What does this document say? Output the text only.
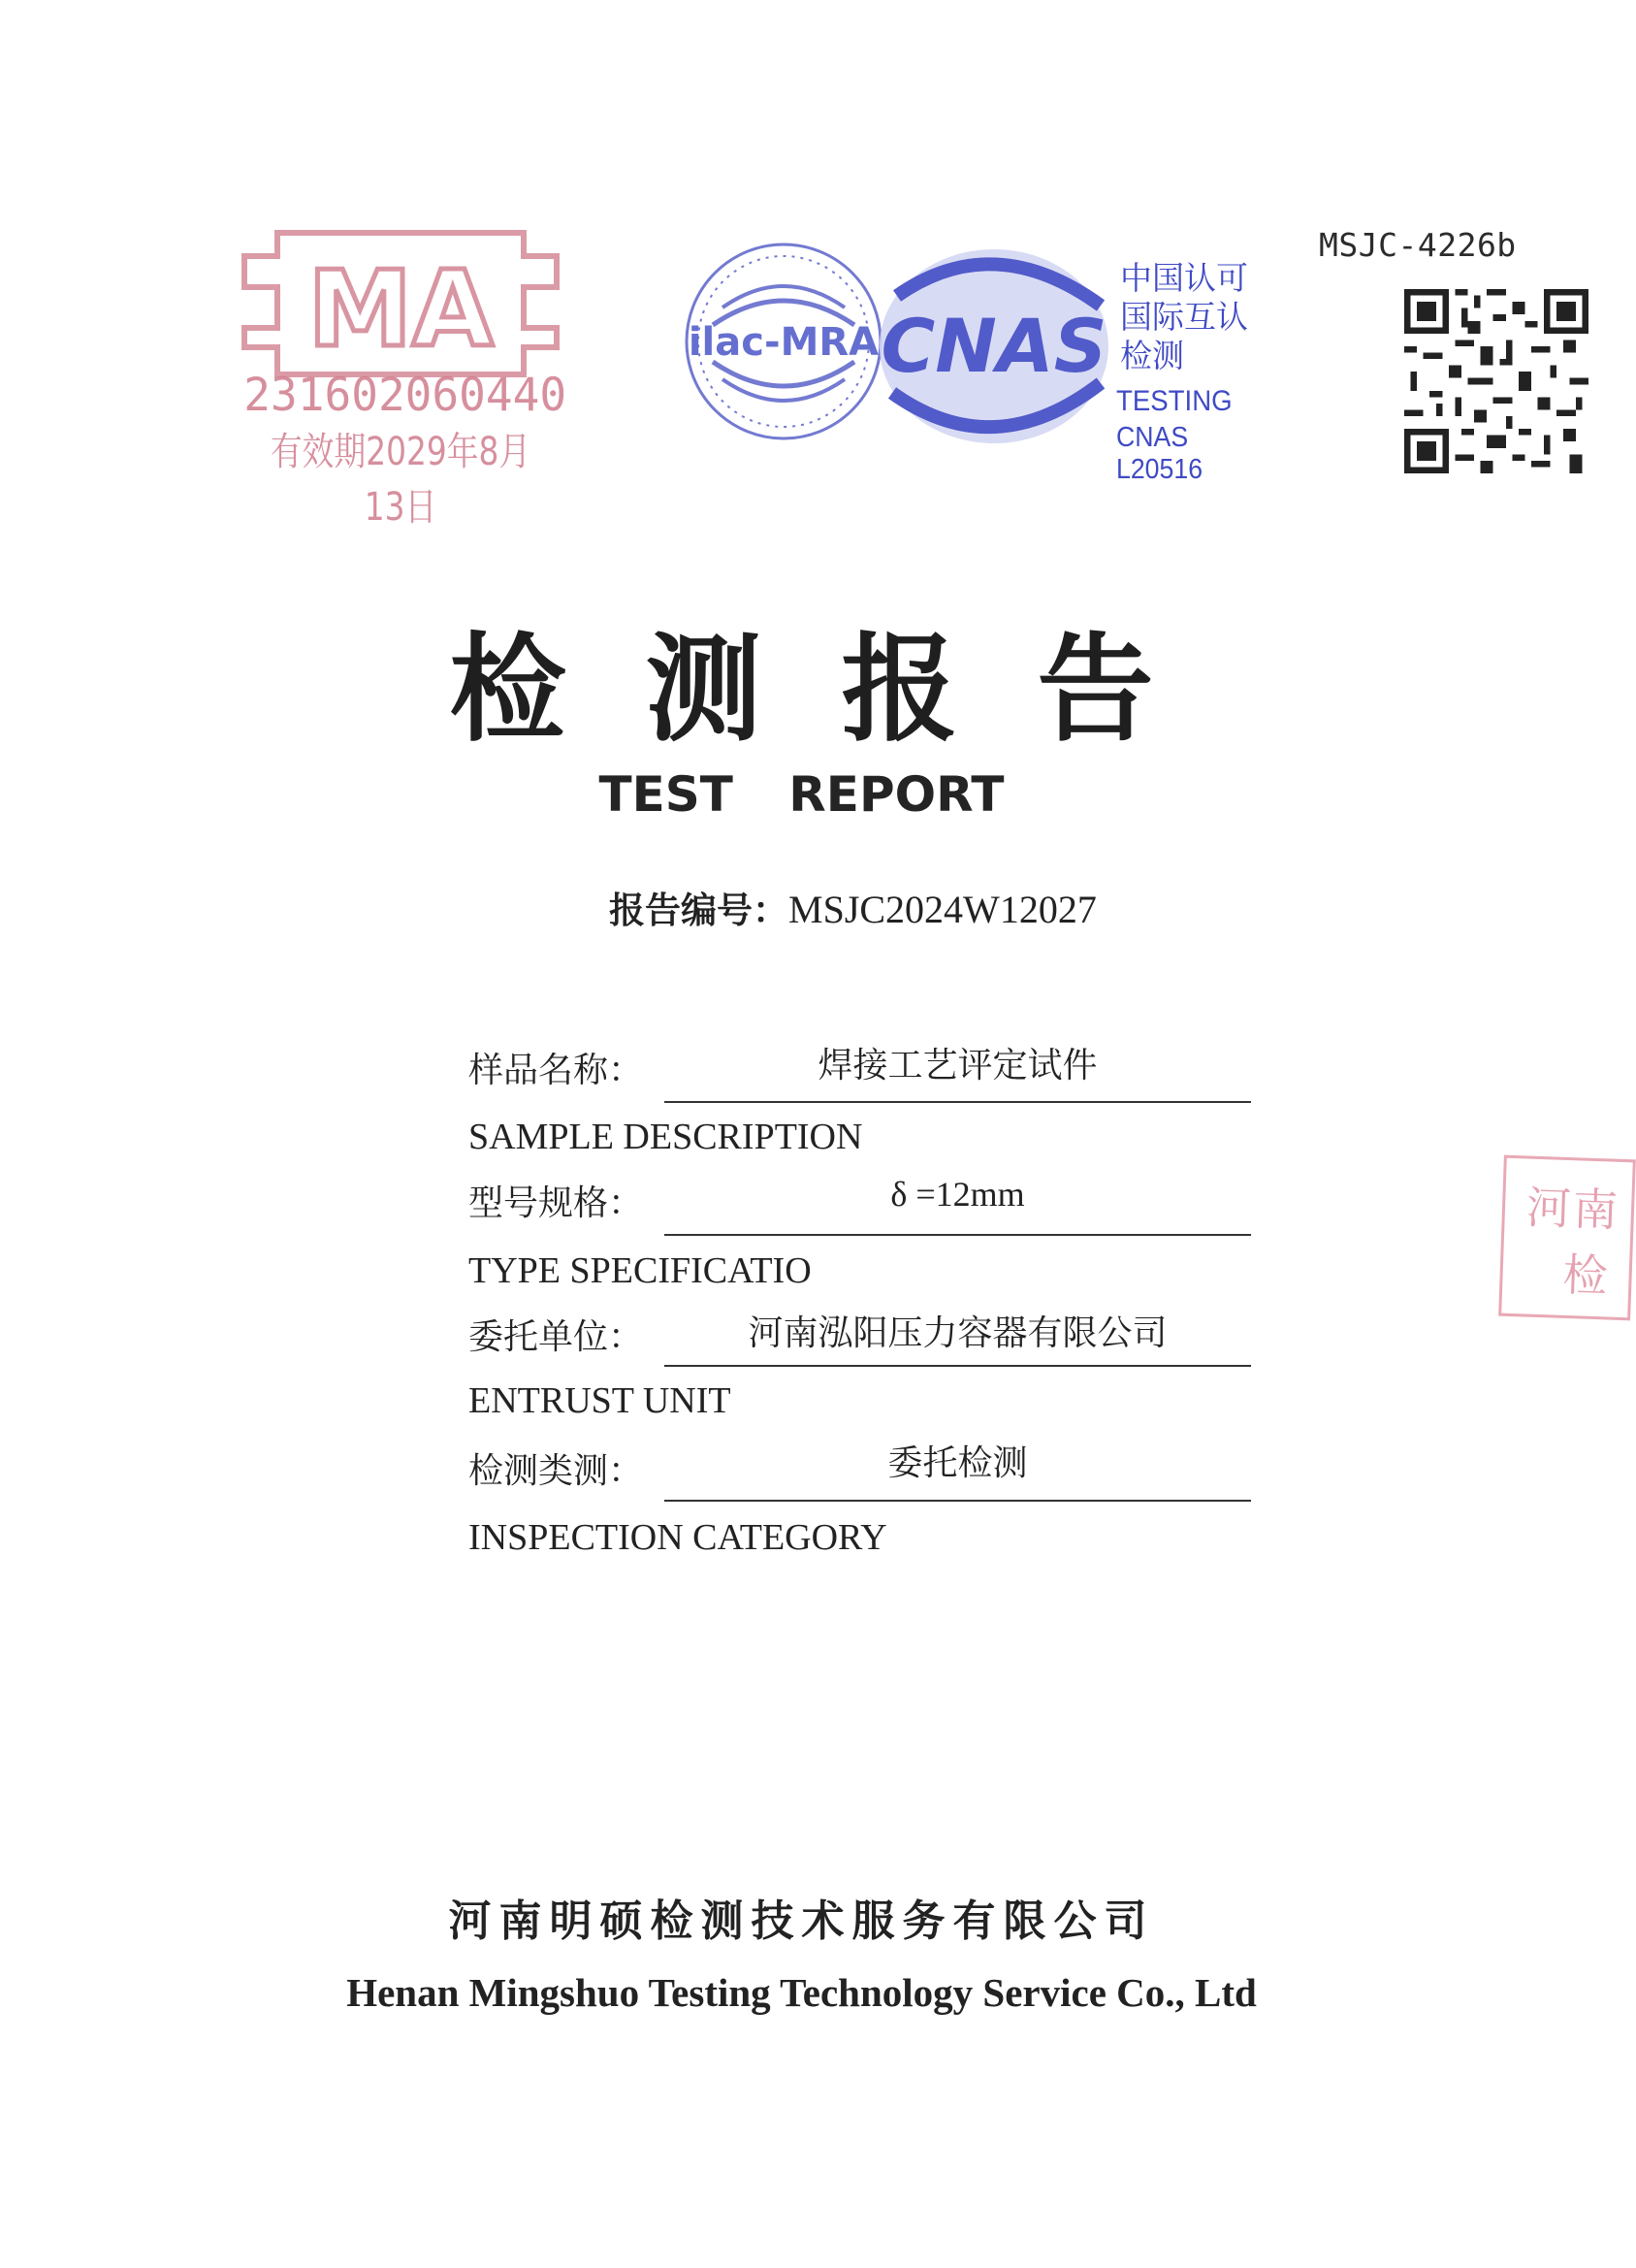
MA
231602060440
有效期2029年8月13日
ilac-MRA CNAS
中国认可
国际互认
检测
TESTING
CNAS L20516
MSJC-4226b
检测报告
TEST REPORT
报告编号：MSJC2024W12027
样品名称：	焊接工艺评定试件
SAMPLE DESCRIPTION
型号规格：	δ =12mm
TYPE SPECIFICATIO
委托单位：	河南泓阳压力容器有限公司
ENTRUST UNIT
检测类测：	委托检测
INSPECTION CATEGORY
河南
检
河南明硕检测技术服务有限公司
Henan Mingshuo Testing Technology Service Co., Ltd
